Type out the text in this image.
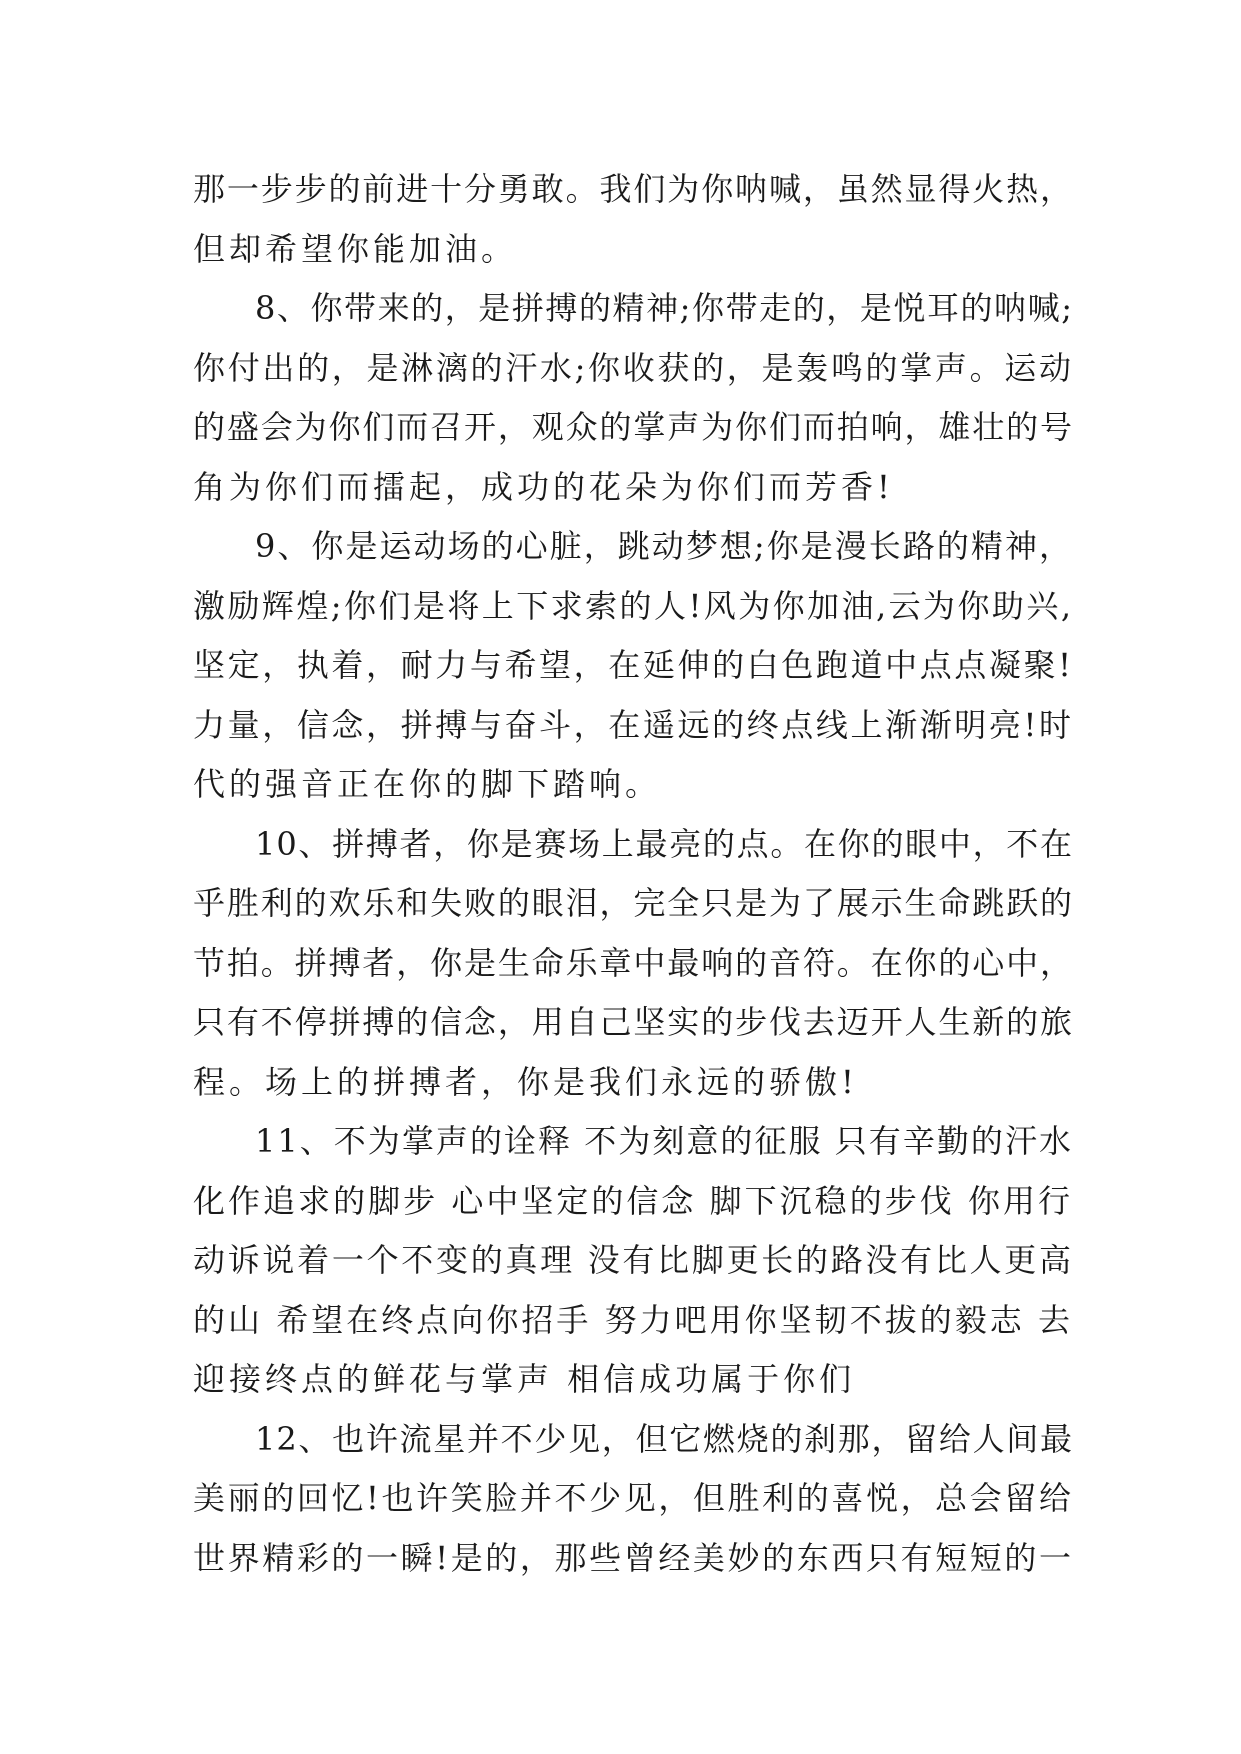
那一步步的前进十分勇敢。我们为你呐喊，虽然显得火热，
但却希望你能加油。
8、你带来的，是拼搏的精神;你带走的，是悦耳的呐喊;
你付出的，是淋漓的汗水;你收获的，是轰鸣的掌声。运动
的盛会为你们而召开，观众的掌声为你们而拍响，雄壮的号
角为你们而擂起，成功的花朵为你们而芳香!
9、你是运动场的心脏，跳动梦想;你是漫长路的精神，
激励辉煌;你们是将上下求索的人!风为你加油,云为你助兴,
坚定，执着，耐力与希望，在延伸的白色跑道中点点凝聚!
力量，信念，拼搏与奋斗，在遥远的终点线上渐渐明亮!时
代的强音正在你的脚下踏响。
10、拼搏者，你是赛场上最亮的点。在你的眼中，不在
乎胜利的欢乐和失败的眼泪，完全只是为了展示生命跳跃的
节拍。拼搏者，你是生命乐章中最响的音符。在你的心中，
只有不停拼搏的信念，用自己坚实的步伐去迈开人生新的旅
程。场上的拼搏者，你是我们永远的骄傲!
11、不为掌声的诠释 不为刻意的征服 只有辛勤的汗水
化作追求的脚步 心中坚定的信念 脚下沉稳的步伐 你用行
动诉说着一个不变的真理 没有比脚更长的路没有比人更高
的山 希望在终点向你招手 努力吧用你坚韧不拔的毅志 去
迎接终点的鲜花与掌声 相信成功属于你们
12、也许流星并不少见，但它燃烧的刹那，留给人间最
美丽的回忆!也许笑脸并不少见，但胜利的喜悦，总会留给
世界精彩的一瞬!是的，那些曾经美妙的东西只有短短的一
